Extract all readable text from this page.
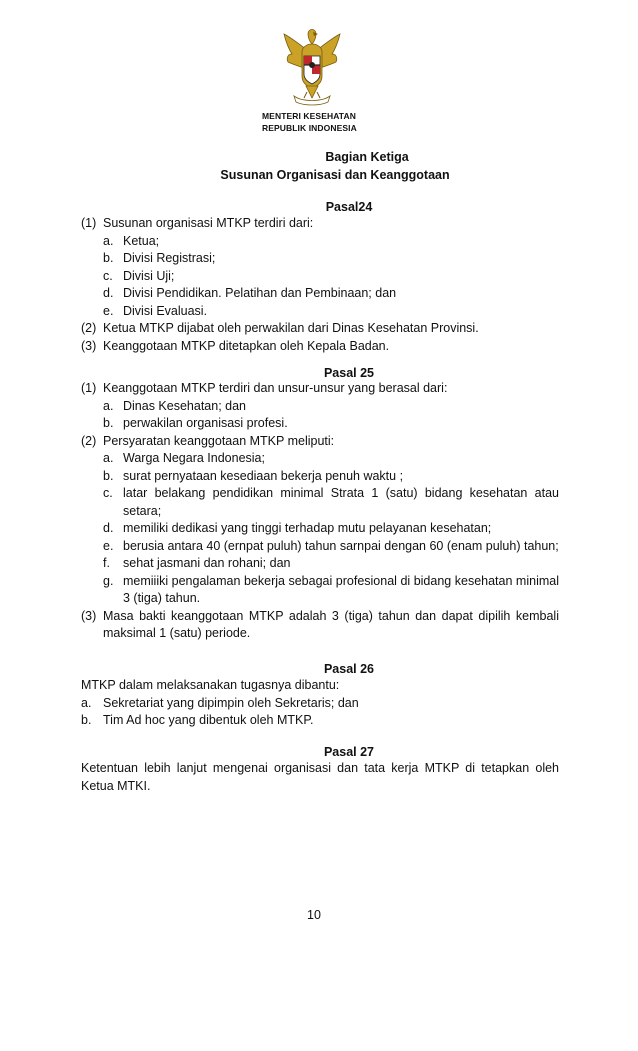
MENTERI KESEHATAN
REPUBLIK INDONESIA
Bagian Ketiga
Susunan Organisasi dan Keanggotaan
Pasal24
(1) Susunan organisasi MTKP terdiri dari:
a. Ketua;
b. Divisi Registrasi;
c. Divisi Uji;
d. Divisi Pendidikan. Pelatihan dan Pembinaan; dan
e. Divisi Evaluasi.
(2) Ketua MTKP dijabat oleh perwakilan dari Dinas Kesehatan Provinsi.
(3) Keanggotaan MTKP ditetapkan oleh Kepala Badan.
Pasal 25
(1) Keanggotaan MTKP terdiri dan unsur-unsur yang berasal dari:
a. Dinas Kesehatan; dan
b. perwakilan organisasi profesi.
(2) Persyaratan keanggotaan MTKP meliputi:
a. Warga Negara Indonesia;
b. surat pernyataan kesediaan bekerja penuh waktu ;
c. latar belakang pendidikan minimal Strata 1 (satu) bidang kesehatan atau setara;
d. memiliki dedikasi yang tinggi terhadap mutu pelayanan kesehatan;
e. berusia antara 40 (ernpat puluh) tahun sarnpai dengan 60 (enam puluh) tahun;
f. sehat jasmani dan rohani; dan
g. memiiiki pengalaman bekerja sebagai profesional di bidang kesehatan minimal 3 (tiga) tahun.
(3) Masa bakti keanggotaan MTKP adalah 3 (tiga) tahun dan dapat dipilih kembali maksimal 1 (satu) periode.
Pasal 26
MTKP dalam melaksanakan tugasnya dibantu:
a. Sekretariat yang dipimpin oleh Sekretaris; dan
b. Tim Ad hoc yang dibentuk oleh MTKP.
Pasal 27
Ketentuan lebih lanjut mengenai organisasi dan tata kerja MTKP di tetapkan oleh Ketua MTKI.
10
